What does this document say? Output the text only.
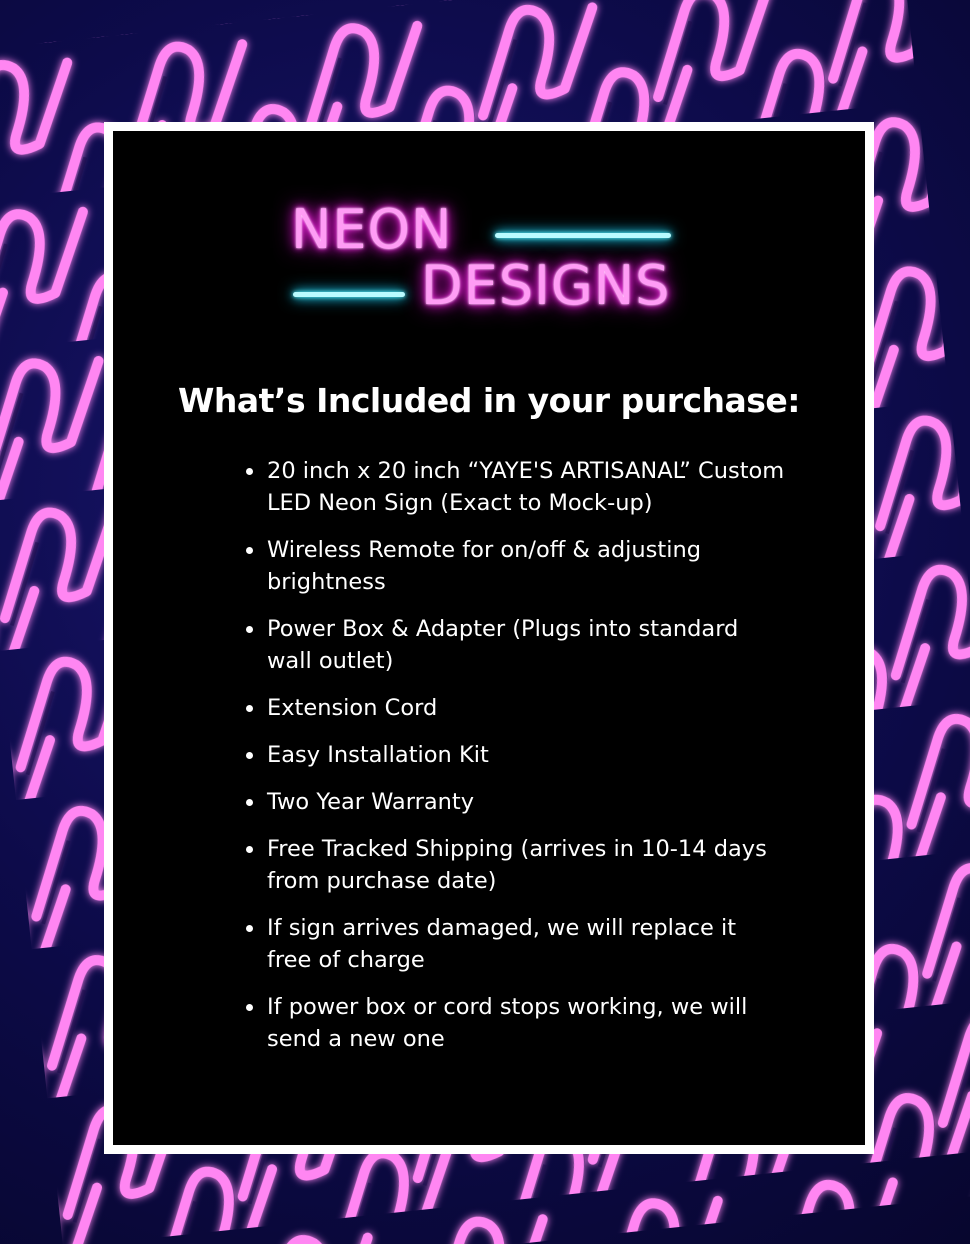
NEON
DESIGNS
What’s Included in your purchase:
20 inch x 20 inch “YAYE'S ARTISANAL” Custom LED Neon Sign (Exact to Mock-up)
Wireless Remote for on/off & adjusting brightness
Power Box & Adapter (Plugs into standard wall outlet)
Extension Cord
Easy Installation Kit
Two Year Warranty
Free Tracked Shipping (arrives in 10-14 days from purchase date)
If sign arrives damaged, we will replace it free of charge
If power box or cord stops working, we will send a new one
